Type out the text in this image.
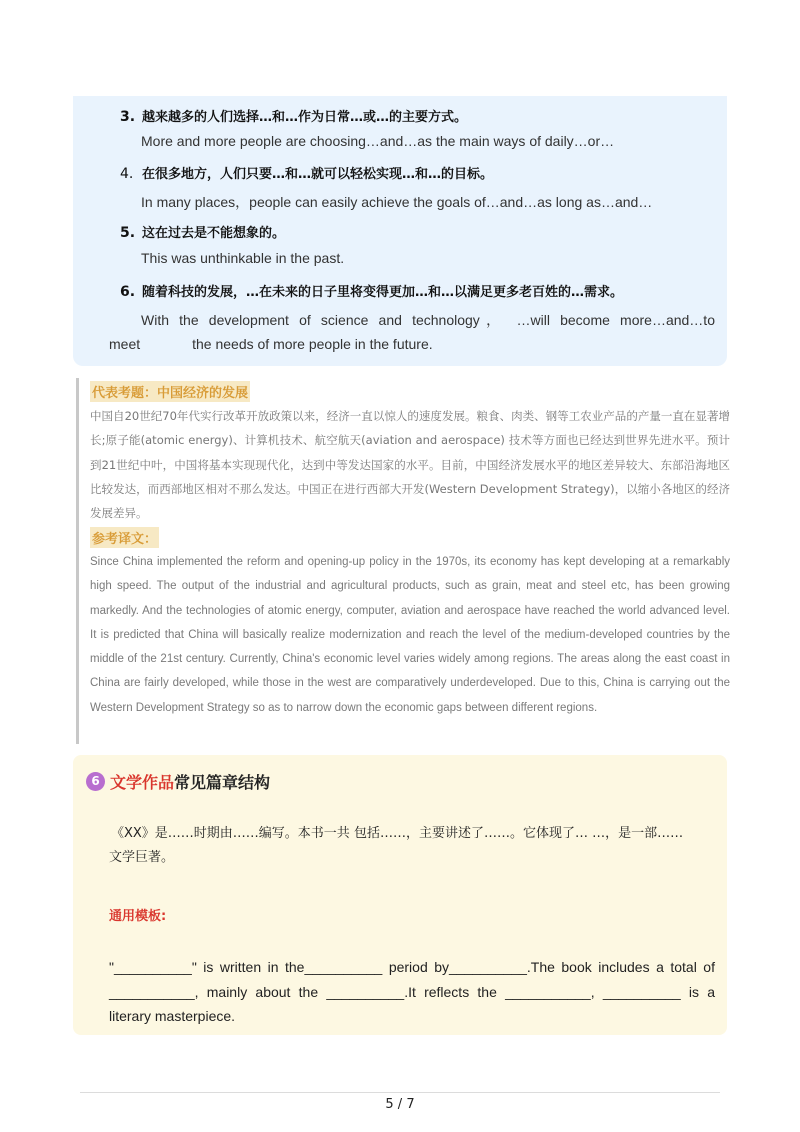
3. 越来越多的人们选择…和…作为日常…或…的主要方式。
More and more people are choosing…and…as the main ways of daily…or…
4. 在很多地方，人们只要…和…就可以轻松实现…和…的目标。
In many places，people can easily achieve the goals of…and…as long as…and…
5. 这在过去是不能想象的。
This was unthinkable in the past.
6. 随着科技的发展，…在未来的日子里将变得更加…和…以满足更多老百姓的…需求。
With the development of science and technology， …will become more…and…to
meet	the needs of more people in the future.
代表考题：中国经济的发展
中国自20世纪70年代实行改革开放政策以来，经济一直以惊人的速度发展。粮食、肉类、钢等工农业产品的产量一直在显著增长;原子能(atomic energy)、计算机技术、航空航天(aviation and aerospace) 技术等方面也已经达到世界先进水平。预计到21世纪中叶，中国将基本实现现代化，达到中等发达国家的水平。目前，中国经济发展水平的地区差异较大、东部沿海地区比较发达，而西部地区相对不那么发达。中国正在进行西部大开发(Western Development Strategy)，以缩小各地区的经济发展差异。
参考译文：
Since China implemented the reform and opening-up policy in the 1970s, its economy has kept developing at a remarkably high speed. The output of the industrial and agricultural products, such as grain, meat and steel etc, has been growing markedly. And the technologies of atomic energy, computer, aviation and aerospace have reached the world advanced level. It is predicted that China will basically realize modernization and reach the level of the medium-developed countries by the middle of the 21st century. Currently, China's economic level varies widely among regions. The areas along the east coast in China are fairly developed, while those in the west are comparatively underdeveloped. Due to this, China is carrying out the Western Development Strategy so as to narrow down the economic gaps between different regions.
6 文学作品常见篇章结构
《XX》是……时期由……编写。本书一共 包括……，主要讲述了……。它体现了… …，是一部……
文学巨著。
通用模板:
"__________" is written in the__________ period by__________.The book includes a total of ___________, mainly about the __________.It reflects the ___________, __________ is a literary masterpiece.
5 / 7
